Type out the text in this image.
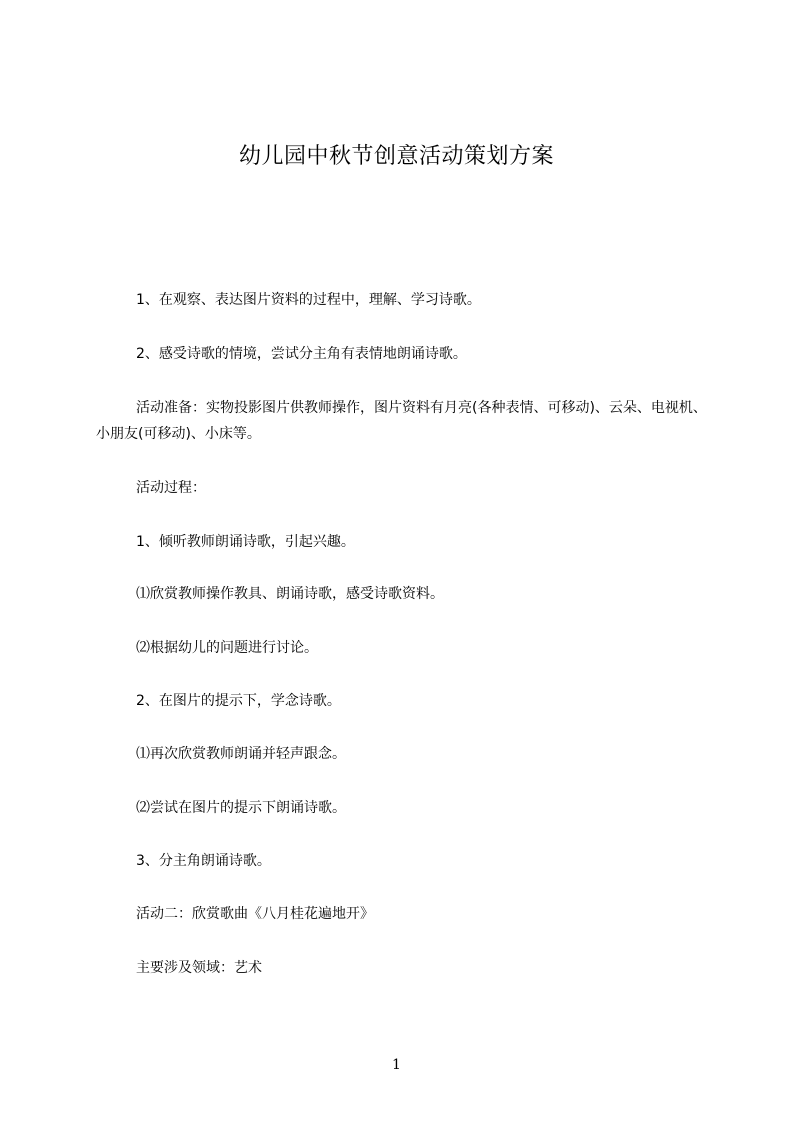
幼儿园中秋节创意活动策划方案

1、在观察、表达图片资料的过程中，理解、学习诗歌。

2、感受诗歌的情境，尝试分主角有表情地朗诵诗歌。

活动准备：实物投影图片供教师操作，图片资料有月亮(各种表情、可移动)、云朵、电视机、小朋友(可移动)、小床等。

活动过程：

1、倾听教师朗诵诗歌，引起兴趣。

⑴欣赏教师操作教具、朗诵诗歌，感受诗歌资料。

⑵根据幼儿的问题进行讨论。

2、在图片的提示下，学念诗歌。

⑴再次欣赏教师朗诵并轻声跟念。

⑵尝试在图片的提示下朗诵诗歌。

3、分主角朗诵诗歌。

活动二：欣赏歌曲《八月桂花遍地开》

主要涉及领域：艺术

1
